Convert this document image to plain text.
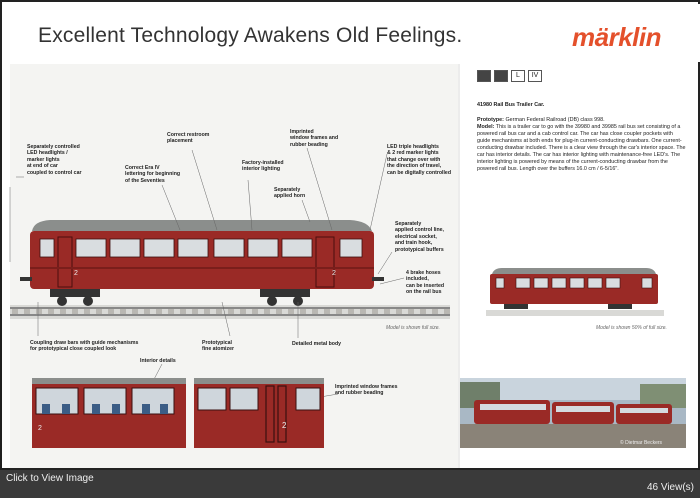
Excellent Technology Awakens Old Feelings.	märklin
2	2
Separately controlled
LED headlights /
marker lights
at end of car
coupled to control car
Correct restroom
placement
Correct Era IV
lettering for beginning
of the Seventies
Imprinted
window frames and
rubber beading
Factory-installed
interior lighting
LED triple headlights
& 2 red marker lights
that change over with
the direction of travel,
can be digitally controlled
Separately
applied horn
Separately
applied control line,
electrical socket,
and train hook,
prototypical buffers
4 brake hoses
included,
can be inserted
on the rail bus
Coupling draw bars with guide mechanisms
for prototypical close coupled look
Prototypical
fine atomizer
Detailed metal body
Interior details
Imprinted window frames
and rubber beading
Model is shown full size.
2	2
L	IV
41980 Rail Bus Trailer Car.
Prototype: German Federal Railroad (DB) class 998.
Model: This is a trailer car to go with the 39980 and 39985 rail bus set consisting of a powered rail bus car and a cab control car. The car has close coupler pockets with guide mechanisms at both ends for plug-in current-conducting drawbars. One current-conducting drawbar included. There is a clear view through the car's interior space. The car has interior details. The car has interior lighting with maintenance-free LED's. The interior lighting is powered by means of the current-conducting drawbar from the powered rail bus. Length over the buffers 16.0 cm / 6-5/16".
Model is shown 50% of full size.
© Dietmar Beckers
Click to View Image
46 View(s)
